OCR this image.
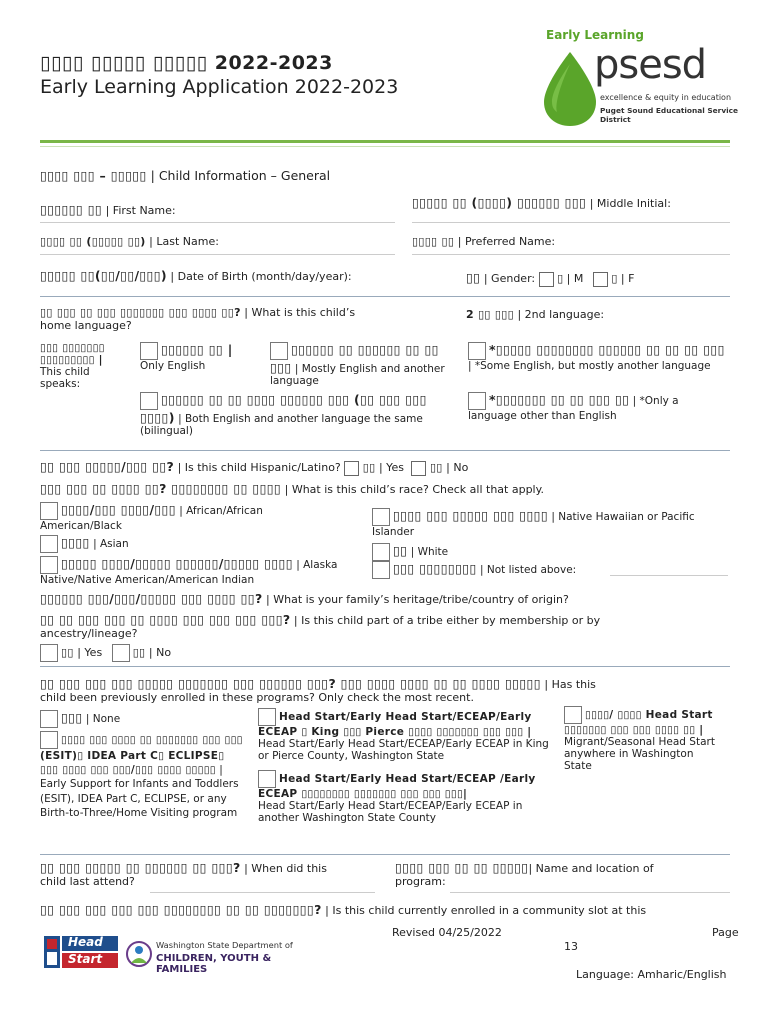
▯▯▯▯ ▯▯▯▯▯ ▯▯▯▯▯ 2022-2023
Early Learning Application 2022-2023
Early Learning
psesd
excellence & equity in education
Puget Sound Educational Service District
▯▯▯▯ ▯▯▯ – ▯▯▯▯▯ | Child Information – General
▯▯▯▯▯▯ ▯▯ | First Name:
▯▯▯▯▯ ▯▯ (▯▯▯▯) ▯▯▯▯▯▯ ▯▯▯ | Middle Initial:
▯▯▯▯ ▯▯ (▯▯▯▯▯ ▯▯) | Last Name:	▯▯▯▯ ▯▯ | Preferred Name:
▯▯▯▯▯ ▯▯(▯▯/▯▯/▯▯▯) | Date of Birth (month/day/year):	▯▯ | Gender: ▯ | M	▯ | F
▯▯ ▯▯▯ ▯▯ ▯▯▯ ▯▯▯▯▯▯▯ ▯▯▯ ▯▯▯▯ ▯▯? | What is this child’s
home language?
2 ▯▯ ▯▯▯ | 2nd language:
▯▯▯ ▯▯▯▯▯▯▯ ▯▯▯▯▯▯▯▯▯ |
This child
speaks:
▯▯▯▯▯▯ ▯▯ |
Only English
▯▯▯▯▯▯ ▯▯ ▯▯▯▯▯▯ ▯▯ ▯▯ ▯▯▯ | Mostly English and another language
*▯▯▯▯▯ ▯▯▯▯▯▯▯▯ ▯▯▯▯▯▯ ▯▯ ▯▯ ▯▯ ▯▯▯ | *Some English, but mostly another language
▯▯▯▯▯▯ ▯▯ ▯▯ ▯▯▯▯ ▯▯▯▯▯▯ ▯▯▯ (▯▯ ▯▯▯ ▯▯▯ ▯▯▯▯) | Both English and another language the same (bilingual)
*▯▯▯▯▯▯▯ ▯▯ ▯▯ ▯▯▯ ▯▯ | *Only a language other than English
▯▯ ▯▯▯ ▯▯▯▯▯/▯▯▯ ▯▯? | Is this child Hispanic/Latino? ▯▯ | Yes ▯▯ | No
▯▯▯ ▯▯▯ ▯▯ ▯▯▯▯ ▯▯? ▯▯▯▯▯▯▯▯ ▯▯ ▯▯▯▯ | What is this child’s race? Check all that apply.
▯▯▯▯/▯▯▯ ▯▯▯▯/▯▯▯ | African/African American/Black
▯▯▯▯ ▯▯▯ ▯▯▯▯▯ ▯▯▯ ▯▯▯▯ | Native Hawaiian or Pacific Islander
▯▯▯▯ | Asian	▯▯ | White
▯▯▯▯▯ ▯▯▯▯/▯▯▯▯▯ ▯▯▯▯▯▯/▯▯▯▯▯ ▯▯▯▯ | Alaska Native/Native American/American Indian
▯▯▯ ▯▯▯▯▯▯▯▯ | Not listed above:
▯▯▯▯▯▯ ▯▯▯/▯▯▯/▯▯▯▯▯ ▯▯▯ ▯▯▯▯ ▯▯? | What is your family’s heritage/tribe/country of origin?
▯▯ ▯▯ ▯▯▯ ▯▯▯ ▯▯ ▯▯▯▯ ▯▯▯ ▯▯▯ ▯▯▯ ▯▯▯? | Is this child part of a tribe either by membership or by
ancestry/lineage?
▯▯ | Yes	▯▯ | No
▯▯ ▯▯▯ ▯▯▯ ▯▯▯ ▯▯▯▯▯ ▯▯▯▯▯▯▯ ▯▯▯ ▯▯▯▯▯▯ ▯▯▯? ▯▯▯ ▯▯▯▯ ▯▯▯▯ ▯▯ ▯▯ ▯▯▯▯ ▯▯▯▯▯ | Has this
child been previously enrolled in these programs? Only check the most recent.
▯▯▯ | None
▯▯▯▯ ▯▯▯ ▯▯▯▯ ▯▯ ▯▯▯▯▯▯▯ ▯▯▯ ▯▯▯ (ESIT)▯ IDEA Part C▯ ECLIPSE▯ ▯▯▯ ▯▯▯▯ ▯▯▯ ▯▯▯/▯▯▯ ▯▯▯▯ ▯▯▯▯▯ | Early Support for Infants and Toddlers (ESIT), IDEA Part C, ECLIPSE, or any Birth-to-Three/Home Visiting program
Head Start/Early Head Start/ECEAP/Early ECEAP ▯ King ▯▯▯ Pierce ▯▯▯▯ ▯▯▯▯▯▯▯ ▯▯▯ ▯▯▯ |
Head Start/Early Head Start/ECEAP/Early ECEAP in King or Pierce County, Washington State
Head Start/Early Head Start/ECEAP /Early ECEAP ▯▯▯▯▯▯▯▯ ▯▯▯▯▯▯▯ ▯▯▯ ▯▯▯ ▯▯▯|
Head Start/Early Head Start/ECEAP/Early ECEAP in another Washington State County
▯▯▯▯/ ▯▯▯▯ Head Start ▯▯▯▯▯▯▯ ▯▯▯ ▯▯▯ ▯▯▯▯ ▯▯ |
Migrant/Seasonal Head Start anywhere in Washington State
▯▯ ▯▯▯ ▯▯▯▯▯ ▯▯ ▯▯▯▯▯▯ ▯▯ ▯▯▯? | When did this
child last attend?
▯▯▯▯ ▯▯▯ ▯▯ ▯▯ ▯▯▯▯▯| Name and location of
program:
▯▯ ▯▯▯ ▯▯▯ ▯▯▯ ▯▯▯ ▯▯▯▯▯▯▯▯ ▯▯ ▯▯ ▯▯▯▯▯▯▯? | Is this child currently enrolled in a community slot at this
Head
Start
Washington State Department of
CHILDREN, YOUTH & FAMILIES
Revised 04/25/2022	Page
13
Language: Amharic/English
